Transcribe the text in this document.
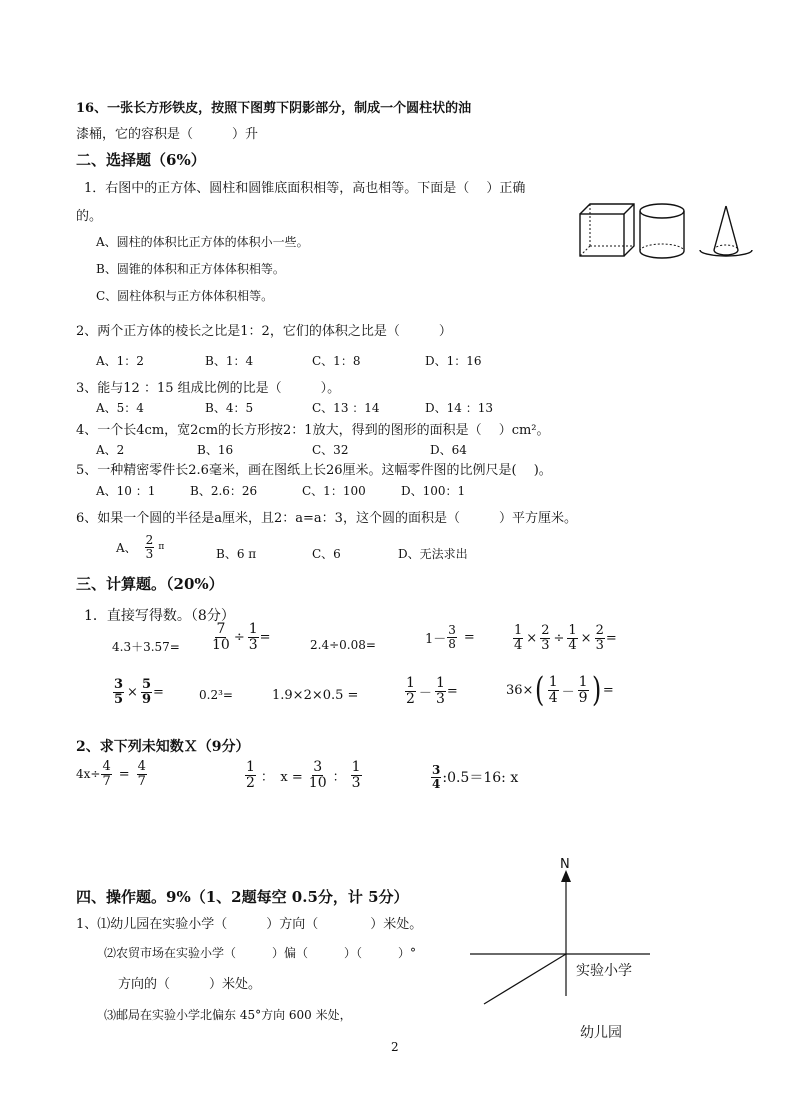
16、一张长方形铁皮，按照下图剪下阴影部分，制成一个圆柱状的油
漆桶，它的容积是（　　　）升
二、选择题（6%）
1．右图中的正方体、圆柱和圆锥底面积相等，高也相等。下面是（　 ）正确
的。
A、圆柱的体积比正方体的体积小一些。
B、圆锥的体积和正方体体积相等。
C、圆柱体积与正方体体积相等。
2、两个正方体的棱长之比是1：2，它们的体积之比是（　　　）
A、1：2	B、1：4	C、1：8	D、1：16
3、能与12 ：15 组成比例的比是（　　　）。
A、5：4	B、4：5	C、13 ：14	D、14 ：13
4、一个长4cm，宽2cm的长方形按2：1放大，得到的图形的面积是（　 ）cm²。
A、2	B、16	C、32	D、64
5、一种精密零件长2.6毫米，画在图纸上长26厘米。这幅零件图的比例尺是(　 )。
A、10 ：1	B、2.6：26	C、1：100	D、100：1
6、如果一个圆的半径是a厘米，且2：a=a：3，这个圆的面积是（　　　）平方厘米。
A、 $\frac{2}{3}$ π	B、6 π	C、6	D、无法求出
三、计算题。（20%）
1．直接写得数。（8分）
$4.3+3.57= \frac{7}{10} \div \frac{1}{3}$ =
2.4÷0.08=	$1- \frac{3}{8}$ =	$\frac{1}{4} \times \frac{2}{3} \div \frac{1}{4} \times \frac{2}{3}$ =
$\frac{3}{5} \times \frac{5}{9}$ =	0.2³=	1.9×2×0.5 =	$\frac{1}{2} - \frac{1}{3}$ =	36× ( $\frac{1}{4} - \frac{1}{9}$ ) =
2、求下列未知数Ｘ（9分）
$4x\div \frac{4}{7} = \frac{4}{7}$	$\frac{1}{2}$ ：　$x = \frac{3}{10}$ ： $\frac{1}{3}$	$\frac{3}{4}$ :0.5＝16: x
四、操作题。9%（1、2题每空 0.5分，计 5分）
1、⑴幼儿园在实验小学（　　　）方向（　　　　）米处。
⑵农贸市场在实验小学（　　　）偏（　　　）（　　　）°
方向的（　　　）米处。
⑶邮局在实验小学北偏东 45°方向 600 米处，
N
实验小学
幼儿园
2
